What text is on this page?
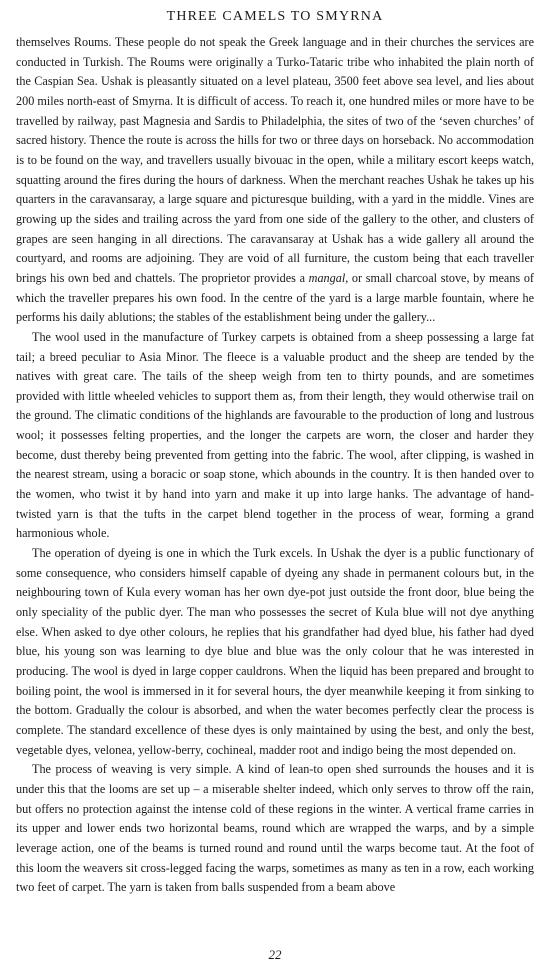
THREE CAMELS TO SMYRNA

themselves Roums. These people do not speak the Greek language and in their churches the services are conducted in Turkish. The Roums were originally a Turko-Tataric tribe who inhabited the plain north of the Caspian Sea. Ushak is pleasantly situated on a level plateau, 3500 feet above sea level, and lies about 200 miles north-east of Smyrna. It is difficult of access. To reach it, one hundred miles or more have to be travelled by railway, past Magnesia and Sardis to Philadelphia, the sites of two of the ‘seven churches’ of sacred history. Thence the route is across the hills for two or three days on horseback. No accommodation is to be found on the way, and travellers usually bivouac in the open, while a military escort keeps watch, squatting around the fires during the hours of darkness. When the merchant reaches Ushak he takes up his quarters in the caravansaray, a large square and picturesque building, with a yard in the middle. Vines are growing up the sides and trailing across the yard from one side of the gallery to the other, and clusters of grapes are seen hanging in all directions. The caravansaray at Ushak has a wide gallery all around the courtyard, and rooms are adjoining. They are void of all furniture, the custom being that each traveller brings his own bed and chattels. The proprietor provides a mangal, or small charcoal stove, by means of which the traveller prepares his own food. In the centre of the yard is a large marble fountain, where he performs his daily ablutions; the stables of the establishment being under the gallery...

The wool used in the manufacture of Turkey carpets is obtained from a sheep possessing a large fat tail; a breed peculiar to Asia Minor. The fleece is a valuable product and the sheep are tended by the natives with great care. The tails of the sheep weigh from ten to thirty pounds, and are sometimes provided with little wheeled vehicles to support them as, from their length, they would otherwise trail on the ground. The climatic conditions of the highlands are favourable to the production of long and lustrous wool; it possesses felting properties, and the longer the carpets are worn, the closer and harder they become, dust thereby being prevented from getting into the fabric. The wool, after clipping, is washed in the nearest stream, using a boracic or soap stone, which abounds in the country. It is then handed over to the women, who twist it by hand into yarn and make it up into large hanks. The advantage of hand-twisted yarn is that the tufts in the carpet blend together in the process of wear, forming a grand harmonious whole.

The operation of dyeing is one in which the Turk excels. In Ushak the dyer is a public functionary of some consequence, who considers himself capable of dyeing any shade in permanent colours but, in the neighbouring town of Kula every woman has her own dye-pot just outside the front door, blue being the only speciality of the public dyer. The man who possesses the secret of Kula blue will not dye anything else. When asked to dye other colours, he replies that his grandfather had dyed blue, his father had dyed blue, his young son was learning to dye blue and blue was the only colour that he was interested in producing. The wool is dyed in large copper cauldrons. When the liquid has been prepared and brought to boiling point, the wool is immersed in it for several hours, the dyer meanwhile keeping it from sinking to the bottom. Gradually the colour is absorbed, and when the water becomes perfectly clear the process is complete. The standard excellence of these dyes is only maintained by using the best, and only the best, vegetable dyes, velonea, yellow-berry, cochineal, madder root and indigo being the most depended on.

The process of weaving is very simple. A kind of lean-to open shed surrounds the houses and it is under this that the looms are set up – a miserable shelter indeed, which only serves to throw off the rain, but offers no protection against the intense cold of these regions in the winter. A vertical frame carries in its upper and lower ends two horizontal beams, round which are wrapped the warps, and by a simple leverage action, one of the beams is turned round and round until the warps become taut. At the foot of this loom the weavers sit cross-legged facing the warps, sometimes as many as ten in a row, each working two feet of carpet. The yarn is taken from balls suspended from a beam above

22
